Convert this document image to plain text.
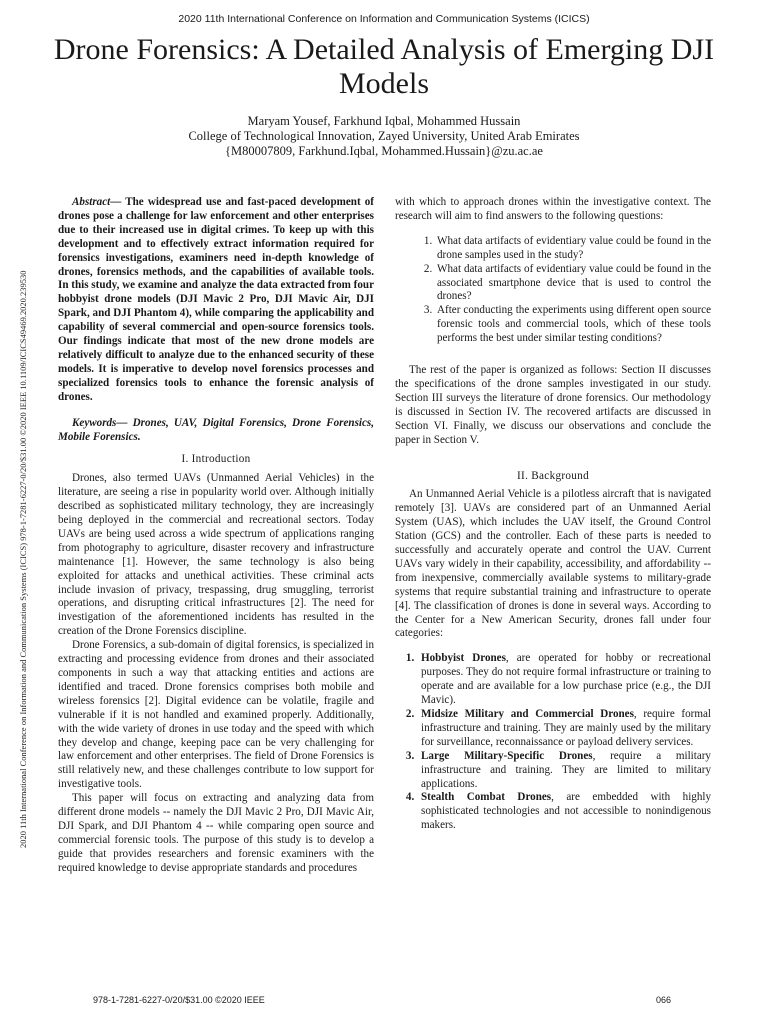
2020 11th International Conference on Information and Communication Systems (ICICS)
Drone Forensics: A Detailed Analysis of Emerging DJI Models
Maryam Yousef, Farkhund Iqbal, Mohammed Hussain
College of Technological Innovation, Zayed University, United Arab Emirates
{M80007809, Farkhund.Iqbal, Mohammed.Hussain}@zu.ac.ae
2020 11th International Conference on Information and Communication Systems (ICICS) 978-1-7281-6227-0/20/$31.00 ©2020 IEEE 10.1109/ICICS49469.2020.239530

Abstract— The widespread use and fast-paced development of drones pose a challenge for law enforcement and other enterprises due to their increased use in digital crimes. To keep up with this development and to effectively extract information required for forensics investigations, examiners need in-depth knowledge of drones, forensics methods, and the capabilities of available tools. In this study, we examine and analyze the data extracted from four hobbyist drone models (DJI Mavic 2 Pro, DJI Mavic Air, DJI Spark, and DJI Phantom 4), while comparing the applicability and capability of several commercial and open-source forensics tools. Our findings indicate that most of the new drone models are relatively difficult to analyze due to the enhanced security of these models. It is imperative to develop novel forensics processes and specialized forensics tools to enhance the forensic analysis of drones.

Keywords— Drones, UAV, Digital Forensics, Drone Forensics, Mobile Forensics.

I. Introduction

Drones, also termed UAVs (Unmanned Aerial Vehicles) in the literature, are seeing a rise in popularity world over. Although initially described as sophisticated military technology, they are increasingly being deployed in the commercial and recreational sectors. Today UAVs are being used across a wide spectrum of applications ranging from photography to agriculture, disaster recovery and infrastructure maintenance [1]. However, the same technology is also being exploited for attacks and unethical activities. These criminal acts include invasion of privacy, trespassing, drug smuggling, terrorist operations, and disrupting critical infrastructures [2]. The need for investigation of the aforementioned incidents has resulted in the creation of the Drone Forensics discipline.

Drone Forensics, a sub-domain of digital forensics, is specialized in extracting and processing evidence from drones and their associated components in such a way that attacking entities and actions are identified and traced. Drone forensics comprises both mobile and wireless forensics [2]. Digital evidence can be volatile, fragile and vulnerable if it is not handled and examined properly. Additionally, with the wide variety of drones in use today and the speed with which they develop and change, keeping pace can be very challenging for law enforcement and other enterprises. The field of Drone Forensics is still relatively new, and these challenges contribute to low support for investigative tools.

This paper will focus on extracting and analyzing data from different drone models -- namely the DJI Mavic 2 Pro, DJI Mavic Air, DJI Spark, and DJI Phantom 4 -- while comparing open source and commercial forensic tools. The purpose of this study is to develop a guide that provides researchers and forensic examiners with the required knowledge to devise appropriate standards and procedures

with which to approach drones within the investigative context. The research will aim to find answers to the following questions:

1. What data artifacts of evidentiary value could be found in the drone samples used in the study?
2. What data artifacts of evidentiary value could be found in the associated smartphone device that is used to control the drones?
3. After conducting the experiments using different open source forensic tools and commercial tools, which of these tools performs the best under similar testing conditions?

The rest of the paper is organized as follows: Section II discusses the specifications of the drone samples investigated in our study. Section III surveys the literature of drone forensics. Our methodology is discussed in Section IV. The recovered artifacts are discussed in Section VI. Finally, we discuss our observations and conclude the paper in Section V.

II. Background

An Unmanned Aerial Vehicle is a pilotless aircraft that is navigated remotely [3]. UAVs are considered part of an Unmanned Aerial System (UAS), which includes the UAV itself, the Ground Control Station (GCS) and the controller. Each of these parts is needed to successfully and accurately operate and control the UAV. Current UAVs vary widely in their capability, accessibility, and affordability -- from inexpensive, commercially available systems to military-grade systems that require substantial training and infrastructure to operate [4]. The classification of drones is done in several ways. According to the Center for a New American Security, drones fall under four categories:

1. Hobbyist Drones, are operated for hobby or recreational purposes. They do not require formal infrastructure or training to operate and are available for a low purchase price (e.g., the DJI Mavic).
2. Midsize Military and Commercial Drones, require formal infrastructure and training. They are mainly used by the military for surveillance, reconnaissance or payload delivery services.
3. Large Military-Specific Drones, require a military infrastructure and training. They are limited to military applications.
4. Stealth Combat Drones, are embedded with highly sophisticated technologies and not accessible to nonindigenous makers.
978-1-7281-6227-0/20/$31.00 ©2020 IEEE	066
